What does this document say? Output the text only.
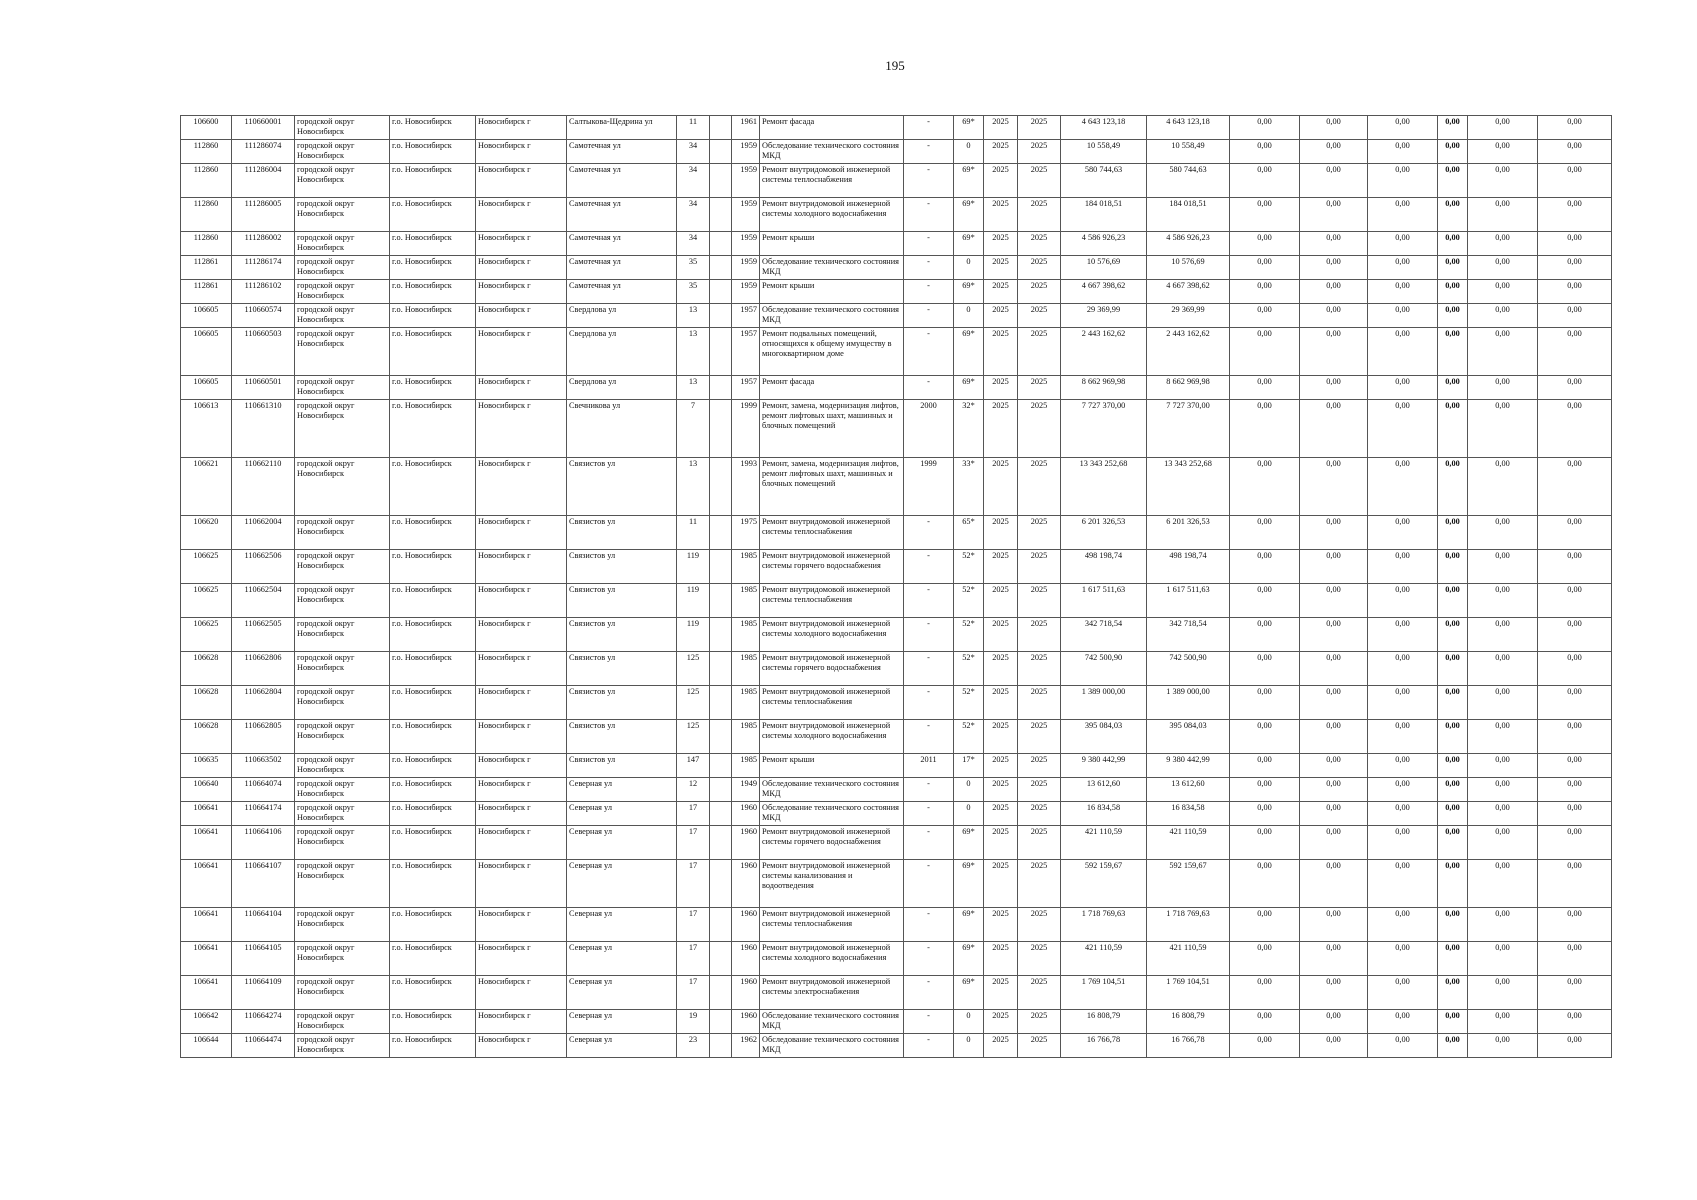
195
106600	110660001	городской округ Новосибирск	г.о. Новосибирск	Новосибирск г	Салтыкова-Щедрина ул	11		1961	Ремонт фасада	-	69*	2025	2025	4 643 123,18	4 643 123,18	0,00	0,00	0,00	0,00	0,00	0,00
112860	111286074	городской округ Новосибирск	г.о. Новосибирск	Новосибирск г	Самотечная ул	34		1959	Обследование технического состояния МКД	-	0	2025	2025	10 558,49	10 558,49	0,00	0,00	0,00	0,00	0,00	0,00
112860	111286004	городской округ Новосибирск	г.о. Новосибирск	Новосибирск г	Самотечная ул	34		1959	Ремонт внутридомовой инженерной системы теплоснабжения	-	69*	2025	2025	580 744,63	580 744,63	0,00	0,00	0,00	0,00	0,00	0,00
112860	111286005	городской округ Новосибирск	г.о. Новосибирск	Новосибирск г	Самотечная ул	34		1959	Ремонт внутридомовой инженерной системы холодного водоснабжения	-	69*	2025	2025	184 018,51	184 018,51	0,00	0,00	0,00	0,00	0,00	0,00
112860	111286002	городской округ Новосибирск	г.о. Новосибирск	Новосибирск г	Самотечная ул	34		1959	Ремонт крыши	-	69*	2025	2025	4 586 926,23	4 586 926,23	0,00	0,00	0,00	0,00	0,00	0,00
112861	111286174	городской округ Новосибирск	г.о. Новосибирск	Новосибирск г	Самотечная ул	35		1959	Обследование технического состояния МКД	-	0	2025	2025	10 576,69	10 576,69	0,00	0,00	0,00	0,00	0,00	0,00
112861	111286102	городской округ Новосибирск	г.о. Новосибирск	Новосибирск г	Самотечная ул	35		1959	Ремонт крыши	-	69*	2025	2025	4 667 398,62	4 667 398,62	0,00	0,00	0,00	0,00	0,00	0,00
106605	110660574	городской округ Новосибирск	г.о. Новосибирск	Новосибирск г	Свердлова ул	13		1957	Обследование технического состояния МКД	-	0	2025	2025	29 369,99	29 369,99	0,00	0,00	0,00	0,00	0,00	0,00
106605	110660503	городской округ Новосибирск	г.о. Новосибирск	Новосибирск г	Свердлова ул	13		1957	Ремонт подвальных помещений, относящихся к общему имуществу в многоквартирном доме	-	69*	2025	2025	2 443 162,62	2 443 162,62	0,00	0,00	0,00	0,00	0,00	0,00
106605	110660501	городской округ Новосибирск	г.о. Новосибирск	Новосибирск г	Свердлова ул	13		1957	Ремонт фасада	-	69*	2025	2025	8 662 969,98	8 662 969,98	0,00	0,00	0,00	0,00	0,00	0,00
106613	110661310	городской округ Новосибирск	г.о. Новосибирск	Новосибирск г	Свечникова ул	7		1999	Ремонт, замена, модернизация лифтов, ремонт лифтовых шахт, машинных и блочных помещений	2000	32*	2025	2025	7 727 370,00	7 727 370,00	0,00	0,00	0,00	0,00	0,00	0,00
106621	110662110	городской округ Новосибирск	г.о. Новосибирск	Новосибирск г	Связистов ул	13		1993	Ремонт, замена, модернизация лифтов, ремонт лифтовых шахт, машинных и блочных помещений	1999	33*	2025	2025	13 343 252,68	13 343 252,68	0,00	0,00	0,00	0,00	0,00	0,00
106620	110662004	городской округ Новосибирск	г.о. Новосибирск	Новосибирск г	Связистов ул	11		1975	Ремонт внутридомовой инженерной системы теплоснабжения	-	65*	2025	2025	6 201 326,53	6 201 326,53	0,00	0,00	0,00	0,00	0,00	0,00
106625	110662506	городской округ Новосибирск	г.о. Новосибирск	Новосибирск г	Связистов ул	119		1985	Ремонт внутридомовой инженерной системы горячего водоснабжения	-	52*	2025	2025	498 198,74	498 198,74	0,00	0,00	0,00	0,00	0,00	0,00
106625	110662504	городской округ Новосибирск	г.о. Новосибирск	Новосибирск г	Связистов ул	119		1985	Ремонт внутридомовой инженерной системы теплоснабжения	-	52*	2025	2025	1 617 511,63	1 617 511,63	0,00	0,00	0,00	0,00	0,00	0,00
106625	110662505	городской округ Новосибирск	г.о. Новосибирск	Новосибирск г	Связистов ул	119		1985	Ремонт внутридомовой инженерной системы холодного водоснабжения	-	52*	2025	2025	342 718,54	342 718,54	0,00	0,00	0,00	0,00	0,00	0,00
106628	110662806	городской округ Новосибирск	г.о. Новосибирск	Новосибирск г	Связистов ул	125		1985	Ремонт внутридомовой инженерной системы горячего водоснабжения	-	52*	2025	2025	742 500,90	742 500,90	0,00	0,00	0,00	0,00	0,00	0,00
106628	110662804	городской округ Новосибирск	г.о. Новосибирск	Новосибирск г	Связистов ул	125		1985	Ремонт внутридомовой инженерной системы теплоснабжения	-	52*	2025	2025	1 389 000,00	1 389 000,00	0,00	0,00	0,00	0,00	0,00	0,00
106628	110662805	городской округ Новосибирск	г.о. Новосибирск	Новосибирск г	Связистов ул	125		1985	Ремонт внутридомовой инженерной системы холодного водоснабжения	-	52*	2025	2025	395 084,03	395 084,03	0,00	0,00	0,00	0,00	0,00	0,00
106635	110663502	городской округ Новосибирск	г.о. Новосибирск	Новосибирск г	Связистов ул	147		1985	Ремонт крыши	2011	17*	2025	2025	9 380 442,99	9 380 442,99	0,00	0,00	0,00	0,00	0,00	0,00
106640	110664074	городской округ Новосибирск	г.о. Новосибирск	Новосибирск г	Северная ул	12		1949	Обследование технического состояния МКД	-	0	2025	2025	13 612,60	13 612,60	0,00	0,00	0,00	0,00	0,00	0,00
106641	110664174	городской округ Новосибирск	г.о. Новосибирск	Новосибирск г	Северная ул	17		1960	Обследование технического состояния МКД	-	0	2025	2025	16 834,58	16 834,58	0,00	0,00	0,00	0,00	0,00	0,00
106641	110664106	городской округ Новосибирск	г.о. Новосибирск	Новосибирск г	Северная ул	17		1960	Ремонт внутридомовой инженерной системы горячего водоснабжения	-	69*	2025	2025	421 110,59	421 110,59	0,00	0,00	0,00	0,00	0,00	0,00
106641	110664107	городской округ Новосибирск	г.о. Новосибирск	Новосибирск г	Северная ул	17		1960	Ремонт внутридомовой инженерной системы канализования и водоотведения	-	69*	2025	2025	592 159,67	592 159,67	0,00	0,00	0,00	0,00	0,00	0,00
106641	110664104	городской округ Новосибирск	г.о. Новосибирск	Новосибирск г	Северная ул	17		1960	Ремонт внутридомовой инженерной системы теплоснабжения	-	69*	2025	2025	1 718 769,63	1 718 769,63	0,00	0,00	0,00	0,00	0,00	0,00
106641	110664105	городской округ Новосибирск	г.о. Новосибирск	Новосибирск г	Северная ул	17		1960	Ремонт внутридомовой инженерной системы холодного водоснабжения	-	69*	2025	2025	421 110,59	421 110,59	0,00	0,00	0,00	0,00	0,00	0,00
106641	110664109	городской округ Новосибирск	г.о. Новосибирск	Новосибирск г	Северная ул	17		1960	Ремонт внутридомовой инженерной системы электроснабжения	-	69*	2025	2025	1 769 104,51	1 769 104,51	0,00	0,00	0,00	0,00	0,00	0,00
106642	110664274	городской округ Новосибирск	г.о. Новосибирск	Новосибирск г	Северная ул	19		1960	Обследование технического состояния МКД	-	0	2025	2025	16 808,79	16 808,79	0,00	0,00	0,00	0,00	0,00	0,00
106644	110664474	городской округ Новосибирск	г.о. Новосибирск	Новосибирск г	Северная ул	23		1962	Обследование технического состояния МКД	-	0	2025	2025	16 766,78	16 766,78	0,00	0,00	0,00	0,00	0,00	0,00
